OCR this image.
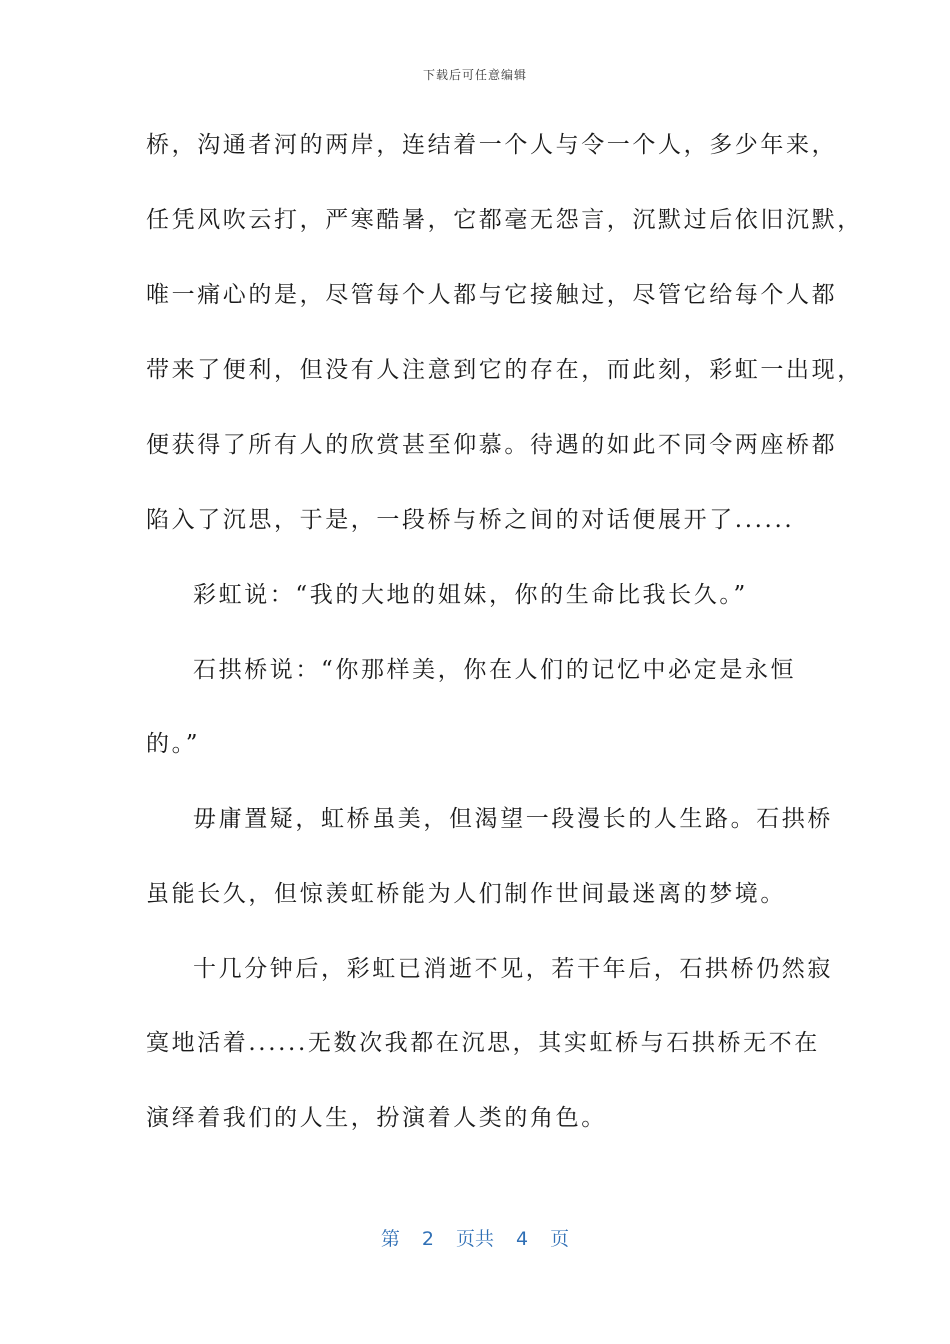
下载后可任意编辑
桥，沟通者河的两岸，连结着一个人与令一个人，多少年来，
任凭风吹云打，严寒酷暑，它都毫无怨言，沉默过后依旧沉默，
唯一痛心的是，尽管每个人都与它接触过，尽管它给每个人都
带来了便利，但没有人注意到它的存在，而此刻，彩虹一出现，
便获得了所有人的欣赏甚至仰慕。待遇的如此不同令两座桥都
陷入了沉思，于是，一段桥与桥之间的对话便展开了......
彩虹说：“我的大地的姐妹，你的生命比我长久。”
石拱桥说：“你那样美，你在人们的记忆中必定是永恒
的。”
毋庸置疑，虹桥虽美，但渴望一段漫长的人生路。石拱桥
虽能长久，但惊羡虹桥能为人们制作世间最迷离的梦境。
十几分钟后，彩虹已消逝不见，若干年后，石拱桥仍然寂
寞地活着......无数次我都在沉思，其实虹桥与石拱桥无不在
演绎着我们的人生，扮演着人类的角色。
第 2 页共 4 页
